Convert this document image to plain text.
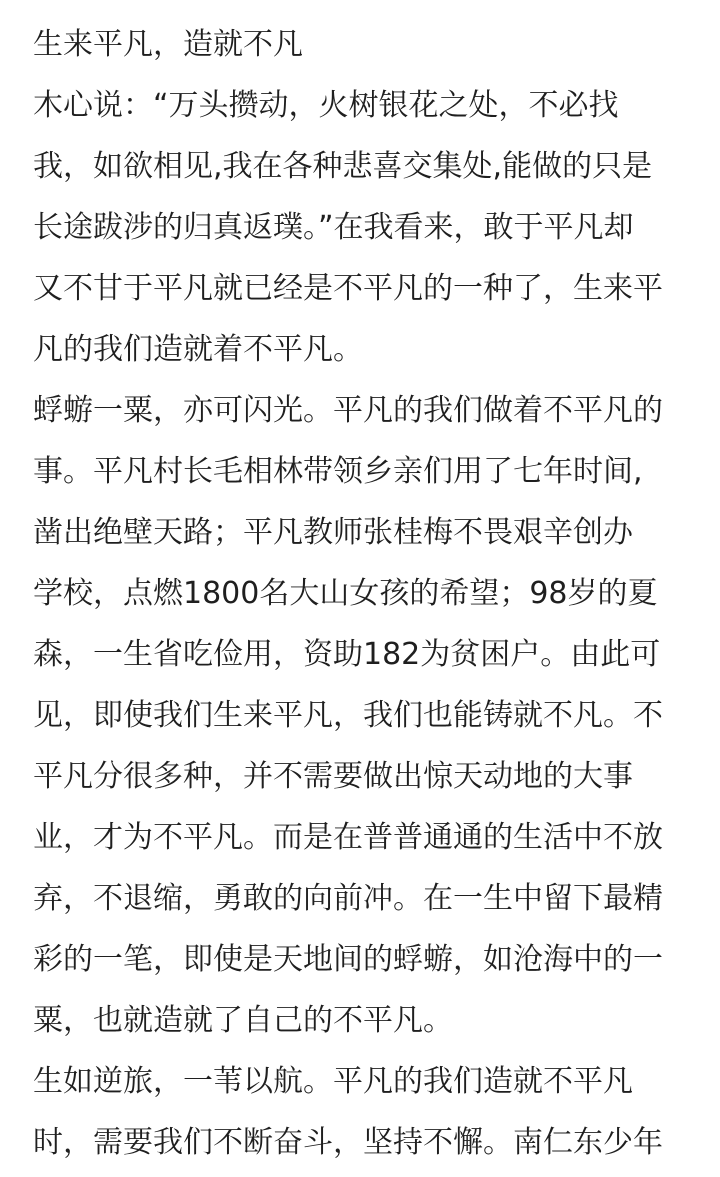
生来平凡，造就不凡
木心说：“万头攒动，火树银花之处，不必找
我，如欲相见,我在各种悲喜交集处,能做的只是
长途跋涉的归真返璞。”在我看来，敢于平凡却
又不甘于平凡就已经是不平凡的一种了，生来平
凡的我们造就着不平凡。
蜉蝣一粟，亦可闪光。平凡的我们做着不平凡的
事。平凡村长毛相林带领乡亲们用了七年时间,
凿出绝壁天路；平凡教师张桂梅不畏艰辛创办
学校，点燃1800名大山女孩的希望；98岁的夏
森，一生省吃俭用，资助182为贫困户。由此可
见，即使我们生来平凡，我们也能铸就不凡。不
平凡分很多种，并不需要做出惊天动地的大事
业，才为不平凡。而是在普普通通的生活中不放
弃，不退缩，勇敢的向前冲。在一生中留下最精
彩的一笔，即使是天地间的蜉蝣，如沧海中的一
粟，也就造就了自己的不平凡。
生如逆旅，一苇以航。平凡的我们造就不平凡
时，需要我们不断奋斗，坚持不懈。南仁东少年
